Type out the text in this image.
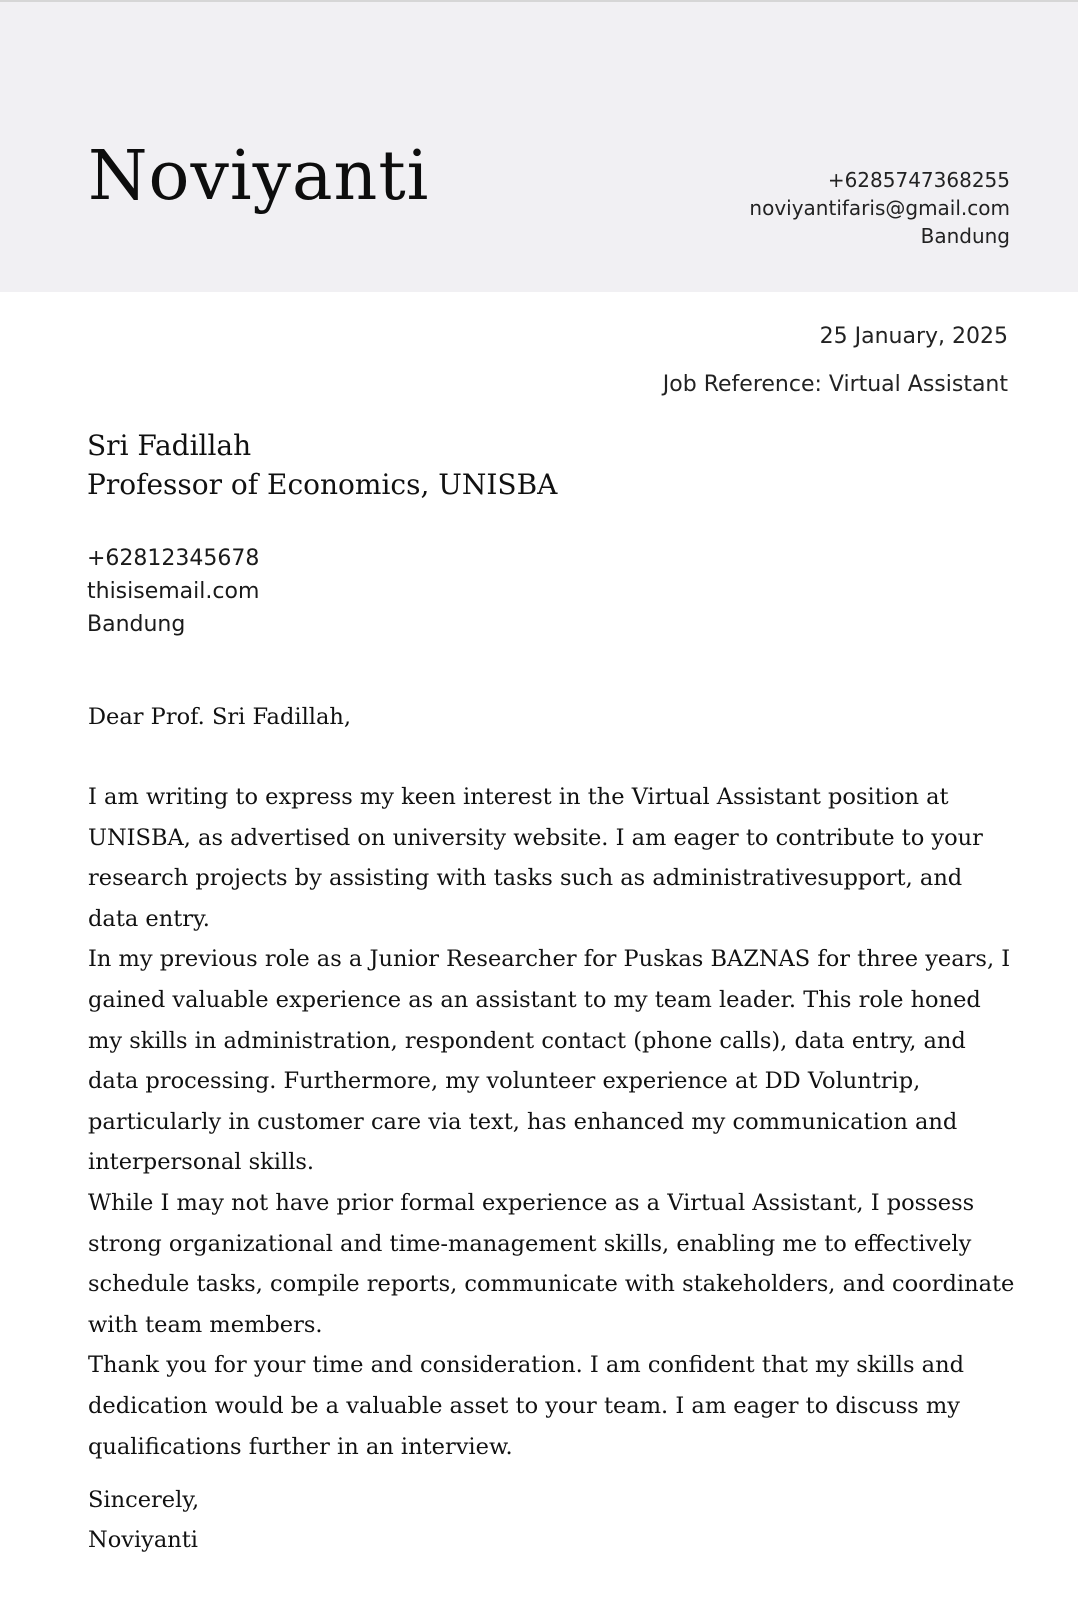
Noviyanti	+6285747368255
noviyantifaris@gmail.com
Bandung
25 January, 2025
Job Reference: Virtual Assistant
Sri Fadillah
Professor of Economics, UNISBA
+62812345678
thisisemail.com
Bandung

Dear Prof. Sri Fadillah,

I am writing to express my keen interest in the Virtual Assistant position at UNISBA, as advertised on university website. I am eager to contribute to your research projects by assisting with tasks such as administrativesupport, and data entry.

In my previous role as a Junior Researcher for Puskas BAZNAS for three years, I gained valuable experience as an assistant to my team leader. This role honed my skills in administration, respondent contact (phone calls), data entry, and data processing. Furthermore, my volunteer experience at DD Voluntrip, particularly in customer care via text, has enhanced my communication and interpersonal skills.

While I may not have prior formal experience as a Virtual Assistant, I possess strong organizational and time-management skills, enabling me to effectively schedule tasks, compile reports, communicate with stakeholders, and coordinate with team members.

Thank you for your time and consideration. I am confident that my skills and dedication would be a valuable asset to your team. I am eager to discuss my qualifications further in an interview.

Sincerely,
Noviyanti
